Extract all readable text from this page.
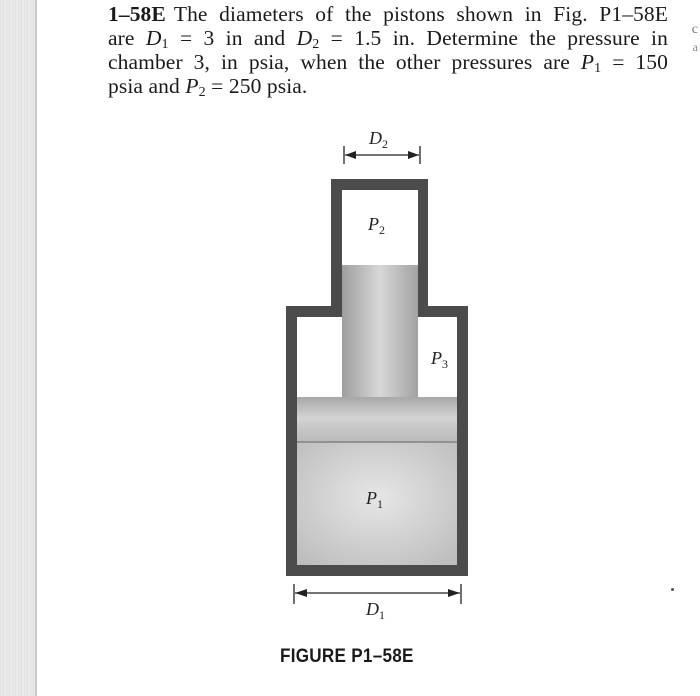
1–58E The diameters of the pistons shown in Fig. P1–58E
are $D_1 = 3$ in and $D_2 = 1.5$ in. Determine the pressure in
chamber 3, in psia, when the other pressures are $P_1 = 150$
psia and $P_2 = 250$ psia.
c
a
$P_2$
$P_3$
$P_1$
$D_2$
$D_1$
FIGURE P1–58E
